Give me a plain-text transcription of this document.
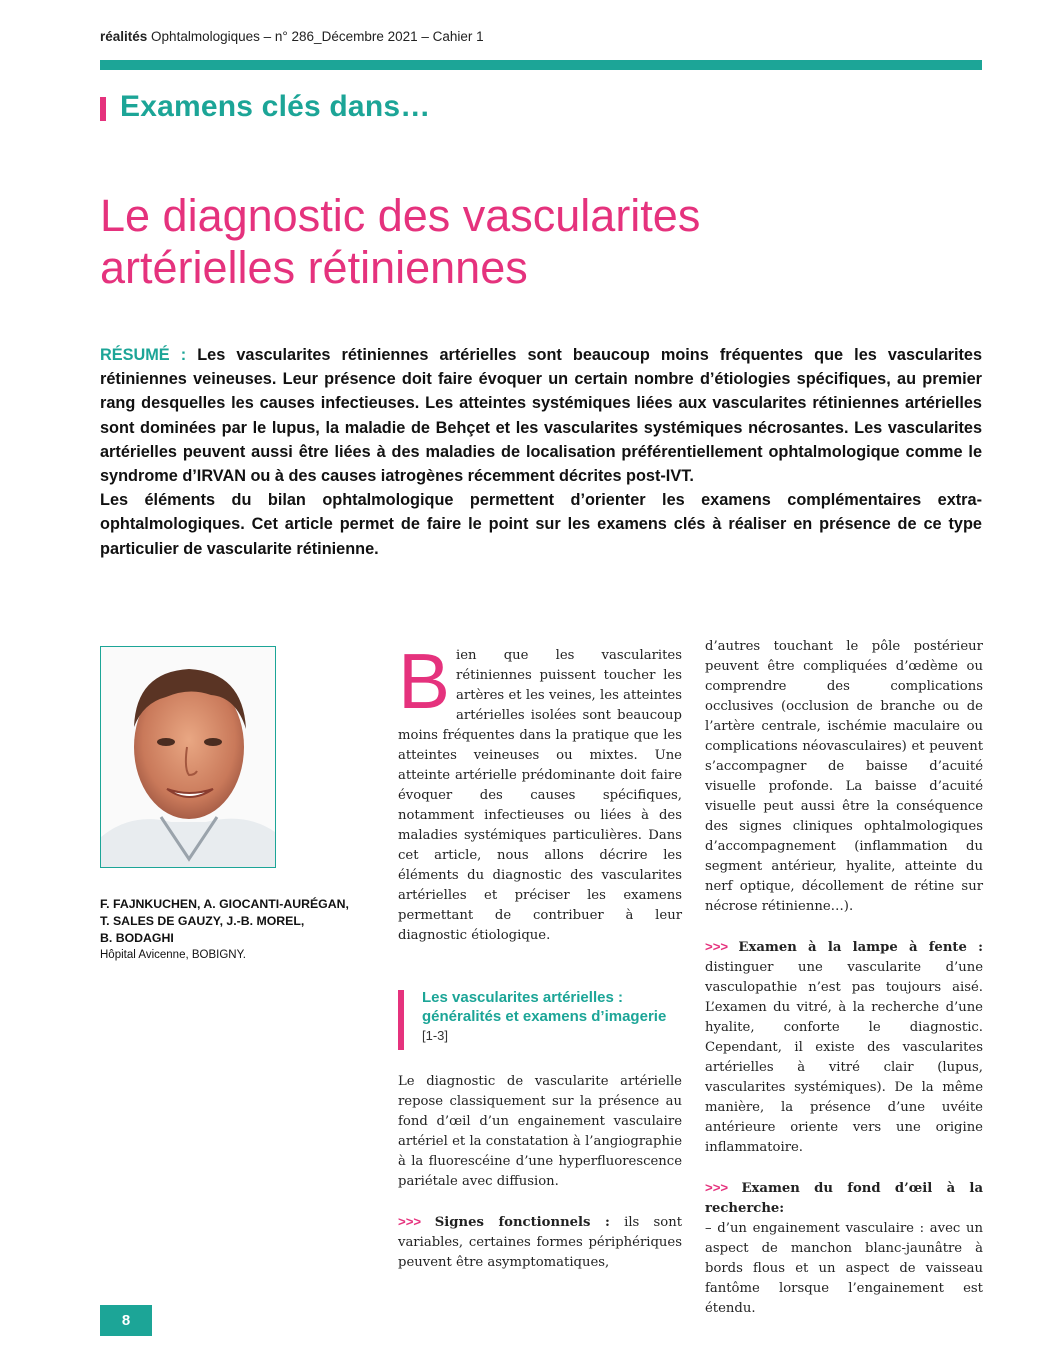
réalités Ophtalmologiques – n° 286_Décembre 2021 – Cahier 1
Examens clés dans…
Le diagnostic des vascularites
artérielles rétiniennes

RÉSUMÉ : Les vascularites rétiniennes artérielles sont beaucoup moins fréquentes que les vascularites rétiniennes veineuses. Leur présence doit faire évoquer un certain nombre d’étiologies spécifiques, au premier rang desquelles les causes infectieuses. Les atteintes systémiques liées aux vascularites rétiniennes artérielles sont dominées par le lupus, la maladie de Behçet et les vascularites systémiques nécrosantes. Les vascularites artérielles peuvent aussi être liées à des maladies de localisation préférentiellement ophtalmologique comme le syndrome d’IRVAN ou à des causes iatrogènes récemment décrites post-IVT.

Les éléments du bilan ophtalmologique permettent d’orienter les examens complémentaires extra-ophtalmologiques. Cet article permet de faire le point sur les examens clés à réaliser en présence de ce type particulier de vascularite rétinienne.

F. FAJNKUCHEN, A. GIOCANTI-AURÉGAN,
T. SALES DE GAUZY, J.-B. MOREL,
B. BODAGHI
Hôpital Avicenne, BOBIGNY.

Bien que les vascularites rétiniennes puissent toucher les artères et les veines, les atteintes artérielles isolées sont beaucoup moins fréquentes dans la pratique que les atteintes veineuses ou mixtes. Une atteinte artérielle prédominante doit faire évoquer des causes spécifiques, notamment infectieuses ou liées à des maladies systémiques particulières. Dans cet article, nous allons décrire les éléments du diagnostic des vascularites artérielles et préciser les examens permettant de contribuer à leur diagnostic étiologique.

Les vascularites artérielles : généralités et examens d’imagerie [1-3]

Le diagnostic de vascularite artérielle repose classiquement sur la présence au fond d’œil d’un engainement vasculaire artériel et la constatation à l’angiographie à la fluorescéine d’une hyperfluorescence pariétale avec diffusion.

>>> Signes fonctionnels : ils sont variables, certaines formes périphériques peuvent être asymptomatiques,

d’autres touchant le pôle postérieur peuvent être compliquées d’œdème ou comprendre des complications occlusives (occlusion de branche ou de l’artère centrale, ischémie maculaire ou complications néovasculaires) et peuvent s’accompagner de baisse d’acuité visuelle profonde. La baisse d’acuité visuelle peut aussi être la conséquence des signes cliniques ophtalmologiques d’accompagnement (inflammation du segment antérieur, hyalite, atteinte du nerf optique, décollement de rétine sur nécrose rétinienne…).

>>> Examen à la lampe à fente : distinguer une vascularite d’une vasculopathie n’est pas toujours aisé. L’examen du vitré, à la recherche d’une hyalite, conforte le diagnostic. Cependant, il existe des vascularites artérielles à vitré clair (lupus, vascularites systémiques). De la même manière, la présence d’une uvéite antérieure oriente vers une origine inflammatoire.

>>> Examen du fond d’œil à la recherche:

– d’un engainement vasculaire : avec un aspect de manchon blanc-jaunâtre à bords flous et un aspect de vaisseau fantôme lorsque l’engainement est étendu.

8
